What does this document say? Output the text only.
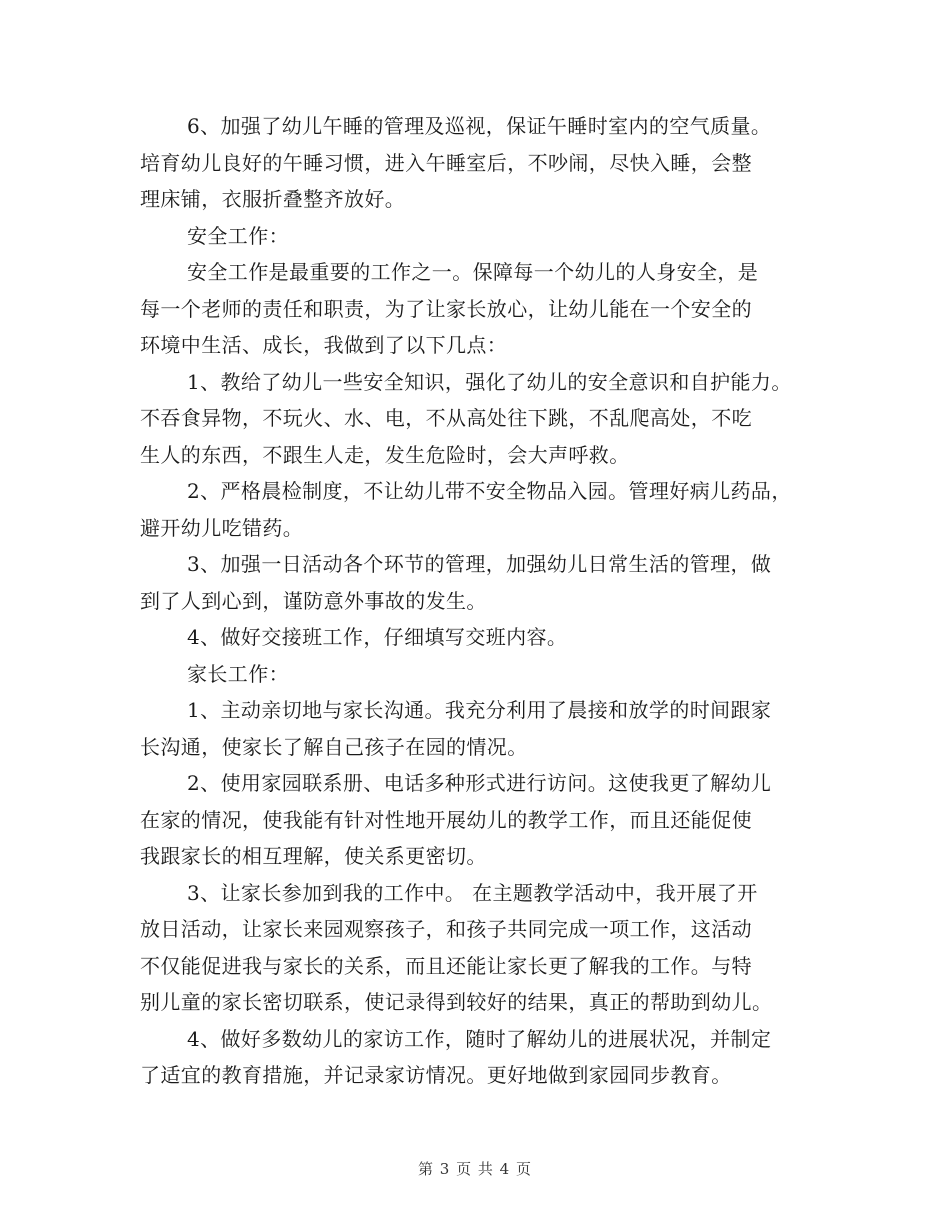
6、加强了幼儿午睡的管理及巡视，保证午睡时室内的空气质量。
培育幼儿良好的午睡习惯，进入午睡室后，不吵闹，尽快入睡，会整
理床铺，衣服折叠整齐放好。
安全工作：
安全工作是最重要的工作之一。保障每一个幼儿的人身安全，是
每一个老师的责任和职责，为了让家长放心，让幼儿能在一个安全的
环境中生活、成长，我做到了以下几点：
1、教给了幼儿一些安全知识，强化了幼儿的安全意识和自护能力。
不吞食异物，不玩火、水、电，不从高处往下跳，不乱爬高处，不吃
生人的东西，不跟生人走，发生危险时，会大声呼救。
2、严格晨检制度，不让幼儿带不安全物品入园。管理好病儿药品，
避开幼儿吃错药。
3、加强一日活动各个环节的管理，加强幼儿日常生活的管理，做
到了人到心到，谨防意外事故的发生。
4、做好交接班工作，仔细填写交班内容。
家长工作：
1、主动亲切地与家长沟通。我充分利用了晨接和放学的时间跟家
长沟通，使家长了解自己孩子在园的情况。
2、使用家园联系册、电话多种形式进行访问。这使我更了解幼儿
在家的情况，使我能有针对性地开展幼儿的教学工作，而且还能促使
我跟家长的相互理解，使关系更密切。
3、让家长参加到我的工作中。 在主题教学活动中，我开展了开
放日活动，让家长来园观察孩子，和孩子共同完成一项工作，这活动
不仅能促进我与家长的关系，而且还能让家长更了解我的工作。与特
别儿童的家长密切联系，使记录得到较好的结果，真正的帮助到幼儿。
4、做好多数幼儿的家访工作，随时了解幼儿的进展状况，并制定
了适宜的教育措施，并记录家访情况。更好地做到家园同步教育。
第 3 页 共 4 页
